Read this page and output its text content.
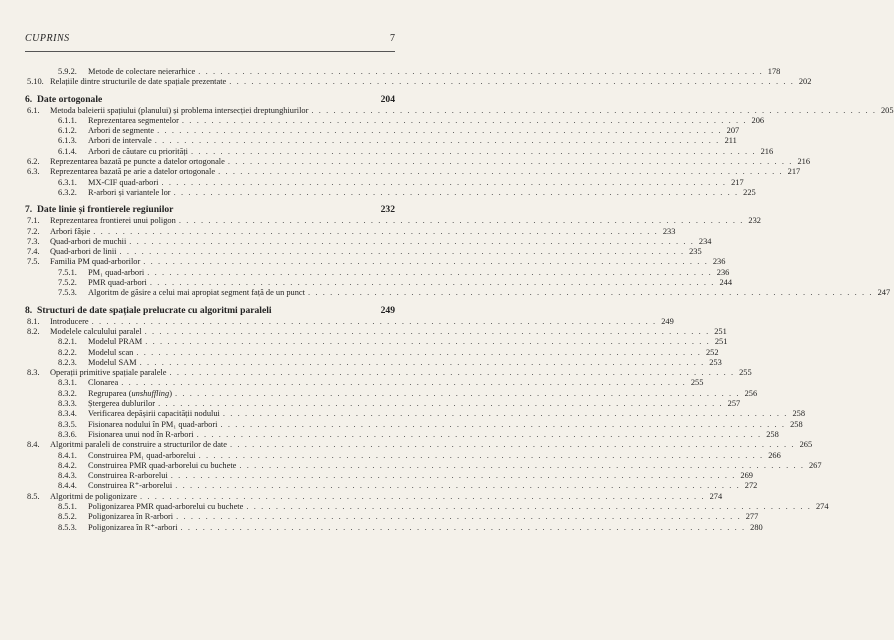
CUPRINS	7
5.9.2.	Metode de colectare neierarhice . . .	178
5.10. Relațiile dintre structurile de date spațiale prezentate . . .	202
6. Date ortogonale	204
6.1.	Metoda baleierii spațiului (planului) și problema intersecției dreptunghiurilor . . .	205
6.1.1.	Reprezentarea segmentelor . . .	206
6.1.2.	Arbori de segmente . . .	207
6.1.3.	Arbori de intervale . . .	211
6.1.4.	Arbori de căutare cu prioritāți . . .	216
6.2.	Reprezentarea bazată pe puncte a datelor ortogonale . . .	216
6.3.	Reprezentarea bazată pe arie a datelor ortogonale . . .	217
6.3.1.	MX-CIF quad-arbori . . .	217
6.3.2.	R-arbori și variantele lor . . .	225
7. Date linie și frontierele regiunilor	232
7.1.	Reprezentarea frontierei unui poligon . . .	232
7.2.	Arbori fâșie . . .	233
7.3.	Quad-arbori de muchii . . .	234
7.4.	Quad-arbori de linii . . .	235
7.5.	Familia PM quad-arborilor . . .	236
7.5.1.	PM₁ quad-arbori . . .	236
7.5.2.	PMR quad-arbori . . .	244
7.5.3.	Algoritm de găsire a celui mai apropiat segment față de un punct . . .	247
8. Structuri de date spațiale prelucrate cu algoritmi paraleli	249
8.1.	Introducere . . .	249
8.2.	Modelele calculului paralel . . .	251
8.2.1.	Modelul PRAM . . .	251
8.2.2.	Modelul scan . . .	252
8.2.3.	Modelul SAM . . .	253
8.3.	Operații primitive spațiale paralele . . .	255
8.3.1.	Clonarea . . .	255
8.3.2.	Regruparea (unshuffling) . . .	256
8.3.3.	Ștergerea dublurilor . . .	257
8.3.4.	Verificarea depășirii capacității nodului . . .	258
8.3.5.	Fisionarea nodului în PM₁ quad-arbori . . .	258
8.3.6.	Fisionarea unui nod în R-arbori . . .	258
8.4.	Algoritmi paraleli de construire a structurilor de date . . .	265
8.4.1.	Construirea PM₁ quad-arborelui . . .	266
8.4.2.	Construirea PMR quad-arborelui cu buchete . . .	267
8.4.3.	Construirea R-arborelui . . .	269
8.4.4.	Construirea R⁺-arborelui . . .	272
8.5.	Algoritmi de poligonizare . . .	274
8.5.1.	Poligonizarea PMR quad-arborelui cu buchete . . .	274
8.5.2.	Poligonizarea în R-arbori . . .	277
8.5.3.	Poligonizarea în R⁺-arbori . . .	280
